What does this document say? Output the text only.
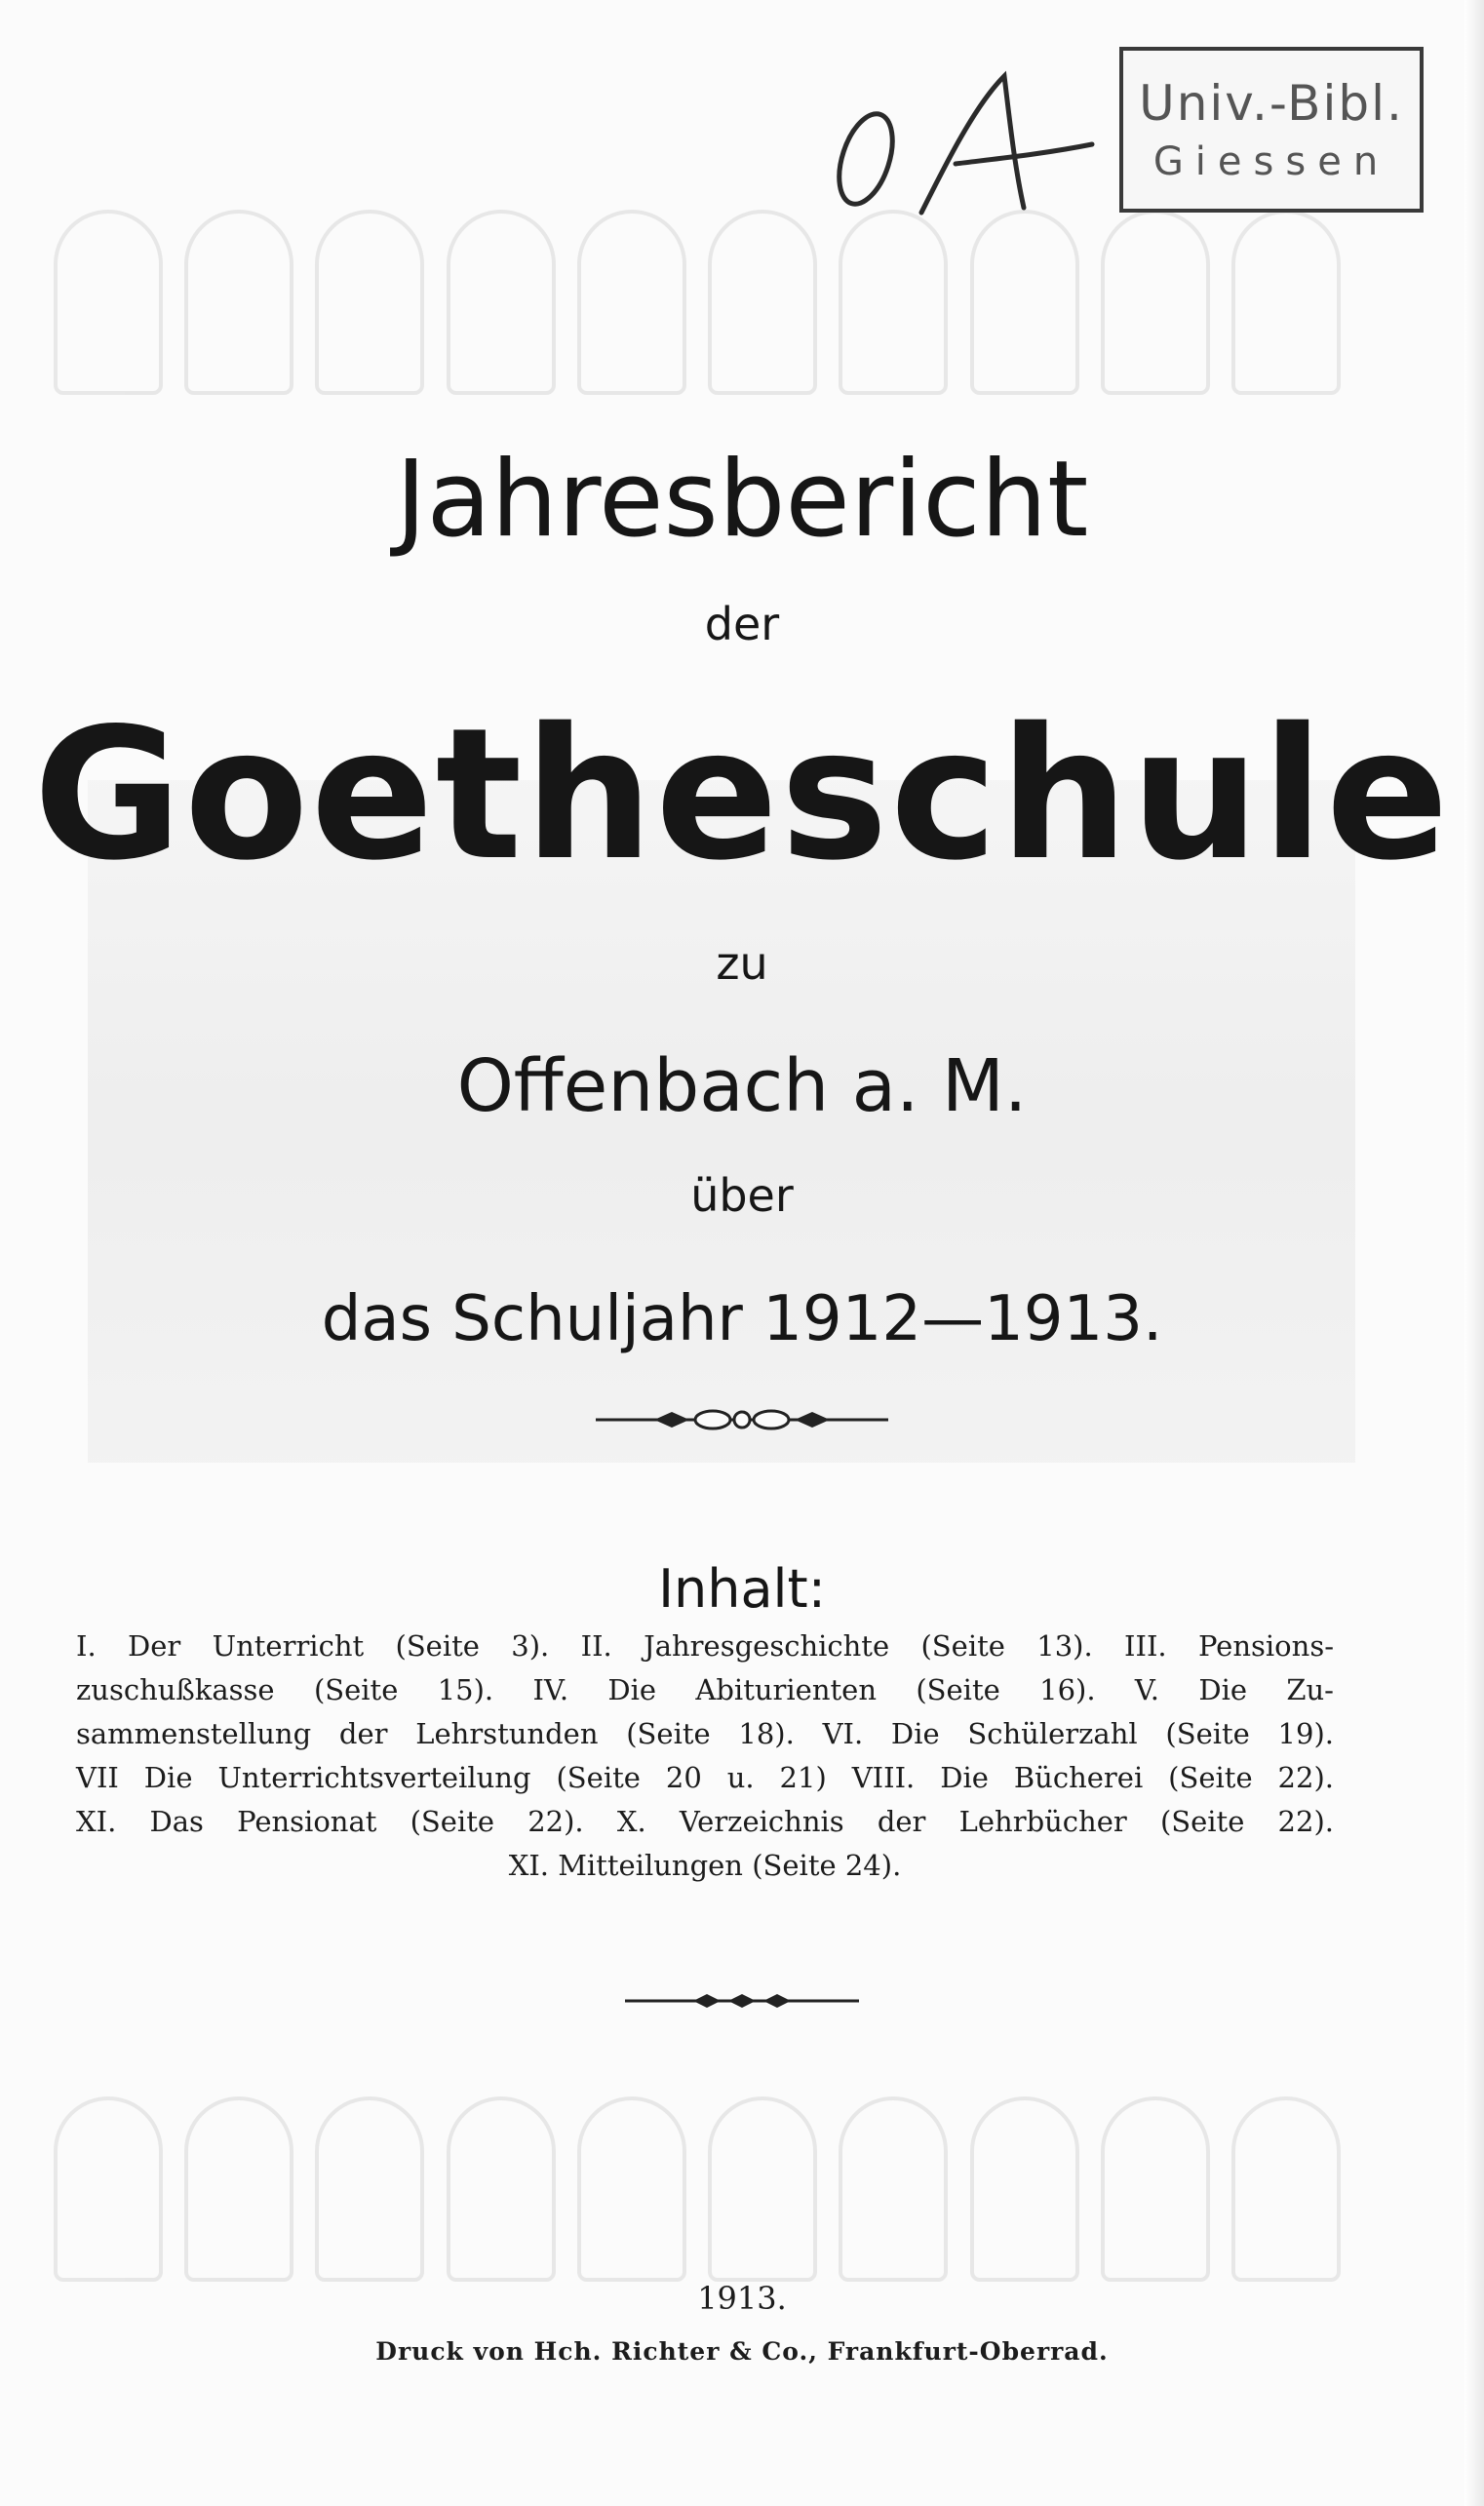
Univ.-Bibl.
Giessen
Jahresbericht
der
Goetheschule
zu
Offenbach a. M.
über
das Schuljahr 1912—1913.
Inhalt:
I. Der Unterricht (Seite 3). II. Jahresgeschichte (Seite 13). III. Pensions-
zuschußkasse (Seite 15). IV. Die Abiturienten (Seite 16). V. Die Zu-
sammenstellung der Lehrstunden (Seite 18). VI. Die Schülerzahl (Seite 19).
VII Die Unterrichtsverteilung (Seite 20 u. 21) VIII. Die Bücherei (Seite 22).
XI. Das Pensionat (Seite 22). X. Verzeichnis der Lehrbücher (Seite 22).
XI. Mitteilungen (Seite 24).
1913.
Druck von Hch. Richter & Co., Frankfurt-Oberrad.
